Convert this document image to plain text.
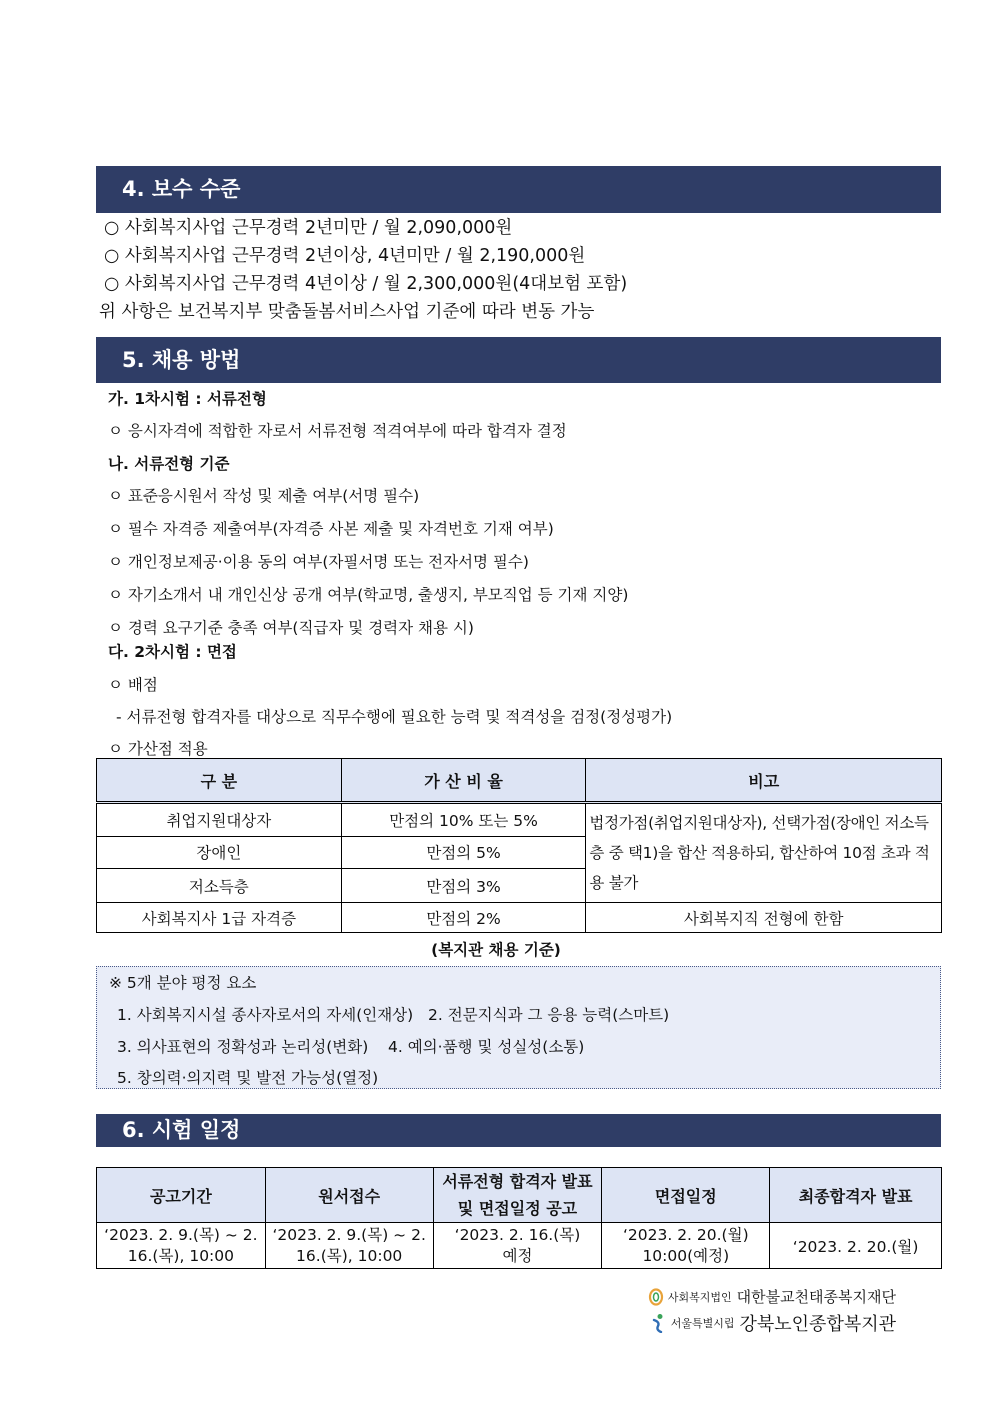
4. 보수 수준
○ 사회복지사업 근무경력 2년미만 / 월 2,090,000원
○ 사회복지사업 근무경력 2년이상, 4년미만 / 월 2,190,000원
○ 사회복지사업 근무경력 4년이상 / 월 2,300,000원(4대보험 포함)
위 사항은 보건복지부 맞춤돌봄서비스사업 기준에 따라 변동 가능
5. 채용 방법
가. 1차시험 : 서류전형
ㅇ 응시자격에 적합한 자로서 서류전형 적격여부에 따라 합격자 결정
나. 서류전형 기준
ㅇ 표준응시원서 작성 및 제출 여부(서명 필수)
ㅇ 필수 자격증 제출여부(자격증 사본 제출 및 자격번호 기재 여부)
ㅇ 개인정보제공·이용 동의 여부(자필서명 또는 전자서명 필수)
ㅇ 자기소개서 내 개인신상 공개 여부(학교명, 출생지, 부모직업 등 기재 지양)
ㅇ 경력 요구기준 충족 여부(직급자 및 경력자 채용 시)
다. 2차시험 : 면접
ㅇ 배점
- 서류전형 합격자를 대상으로 직무수행에 필요한 능력 및 적격성을 검정(정성평가)
ㅇ 가산점 적용
구 분	가 산 비 율	비고
취업지원대상자	만점의 10% 또는 5%	법정가점(취업지원대상자), 선택가점(장애인 저소득층 중 택1)을 합산 적용하되, 합산하여 10점 초과 적용 불가
장애인	만점의 5%	
저소득층	만점의 3%	
사회복지사 1급 자격증	만점의 2%	사회복지직 전형에 한함
(복지관 채용 기준)
※ 5개 분야 평정 요소
1. 사회복지시설 종사자로서의 자세(인재상)   2. 전문지식과 그 응용 능력(스마트)
3. 의사표현의 정확성과 논리성(변화)    4. 예의·품행 및 성실성(소통)
5. 창의력·의지력 및 발전 가능성(열정)
6. 시험 일정
공고기간	원서접수	서류전형 합격자 발표 및 면접일정 공고	면접일정	최종합격자 발표
‘2023. 2. 9.(목) ~ 2. 16.(목), 10:00	‘2023. 2. 9.(목) ~ 2. 16.(목), 10:00	‘2023. 2. 16.(목) 예정	‘2023. 2. 20.(월) 10:00(예정)	‘2023. 2. 20.(월)
사회복지법인 대한불교천태종복지재단
서울특별시립 강북노인종합복지관
